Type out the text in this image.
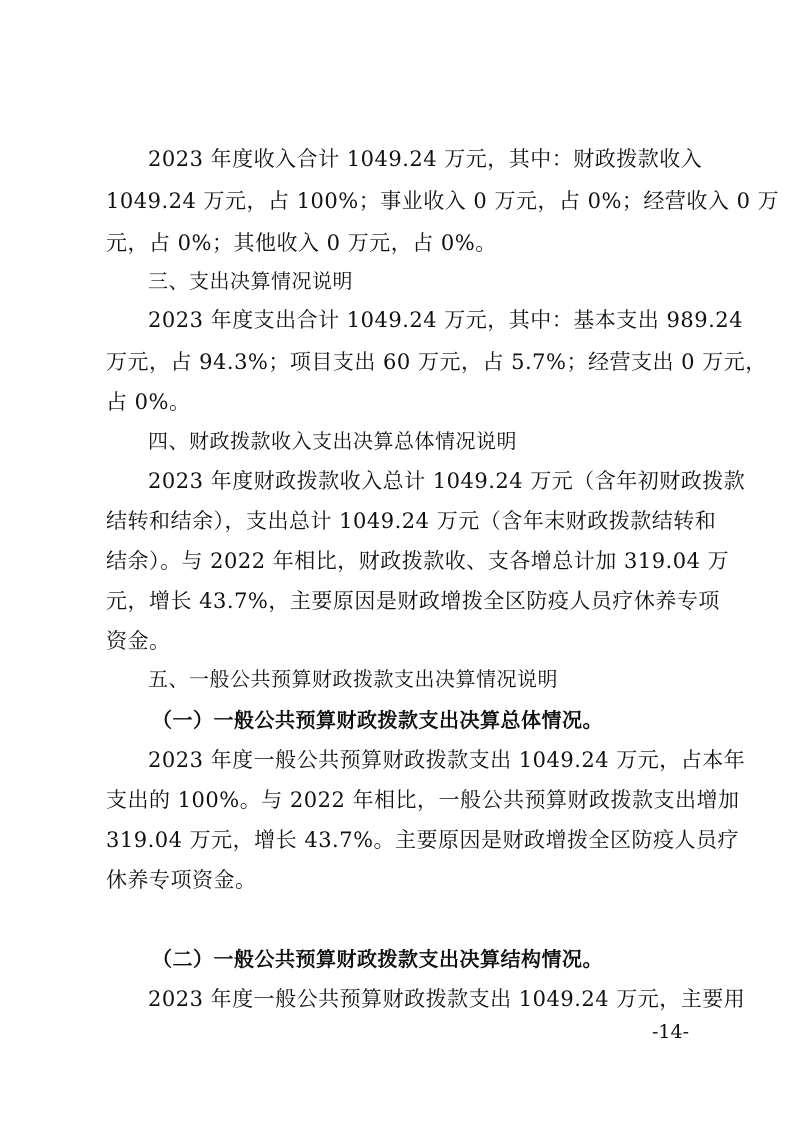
2023 年度收入合计 1049.24 万元，其中：财政拨款收入
1049.24 万元，占 100%；事业收入 0 万元，占 0%；经营收入 0 万
元，占 0%；其他收入 0 万元，占 0%。
三、支出决算情况说明
2023 年度支出合计 1049.24 万元，其中：基本支出 989.24
万元，占 94.3%；项目支出 60 万元，占 5.7%；经营支出 0 万元，
占 0%。
四、财政拨款收入支出决算总体情况说明
2023 年度财政拨款收入总计 1049.24 万元（含年初财政拨款
结转和结余），支出总计 1049.24 万元（含年末财政拨款结转和
结余）。与 2022 年相比，财政拨款收、支各增总计加 319.04 万
元，增长 43.7%，主要原因是财政增拨全区防疫人员疗休养专项
资金。
五、一般公共预算财政拨款支出决算情况说明
（一）一般公共预算财政拨款支出决算总体情况。
2023 年度一般公共预算财政拨款支出 1049.24 万元，占本年
支出的 100%。与 2022 年相比，一般公共预算财政拨款支出增加
319.04 万元，增长 43.7%。主要原因是财政增拨全区防疫人员疗
休养专项资金。
（二）一般公共预算财政拨款支出决算结构情况。
2023 年度一般公共预算财政拨款支出 1049.24 万元，主要用
-14-
